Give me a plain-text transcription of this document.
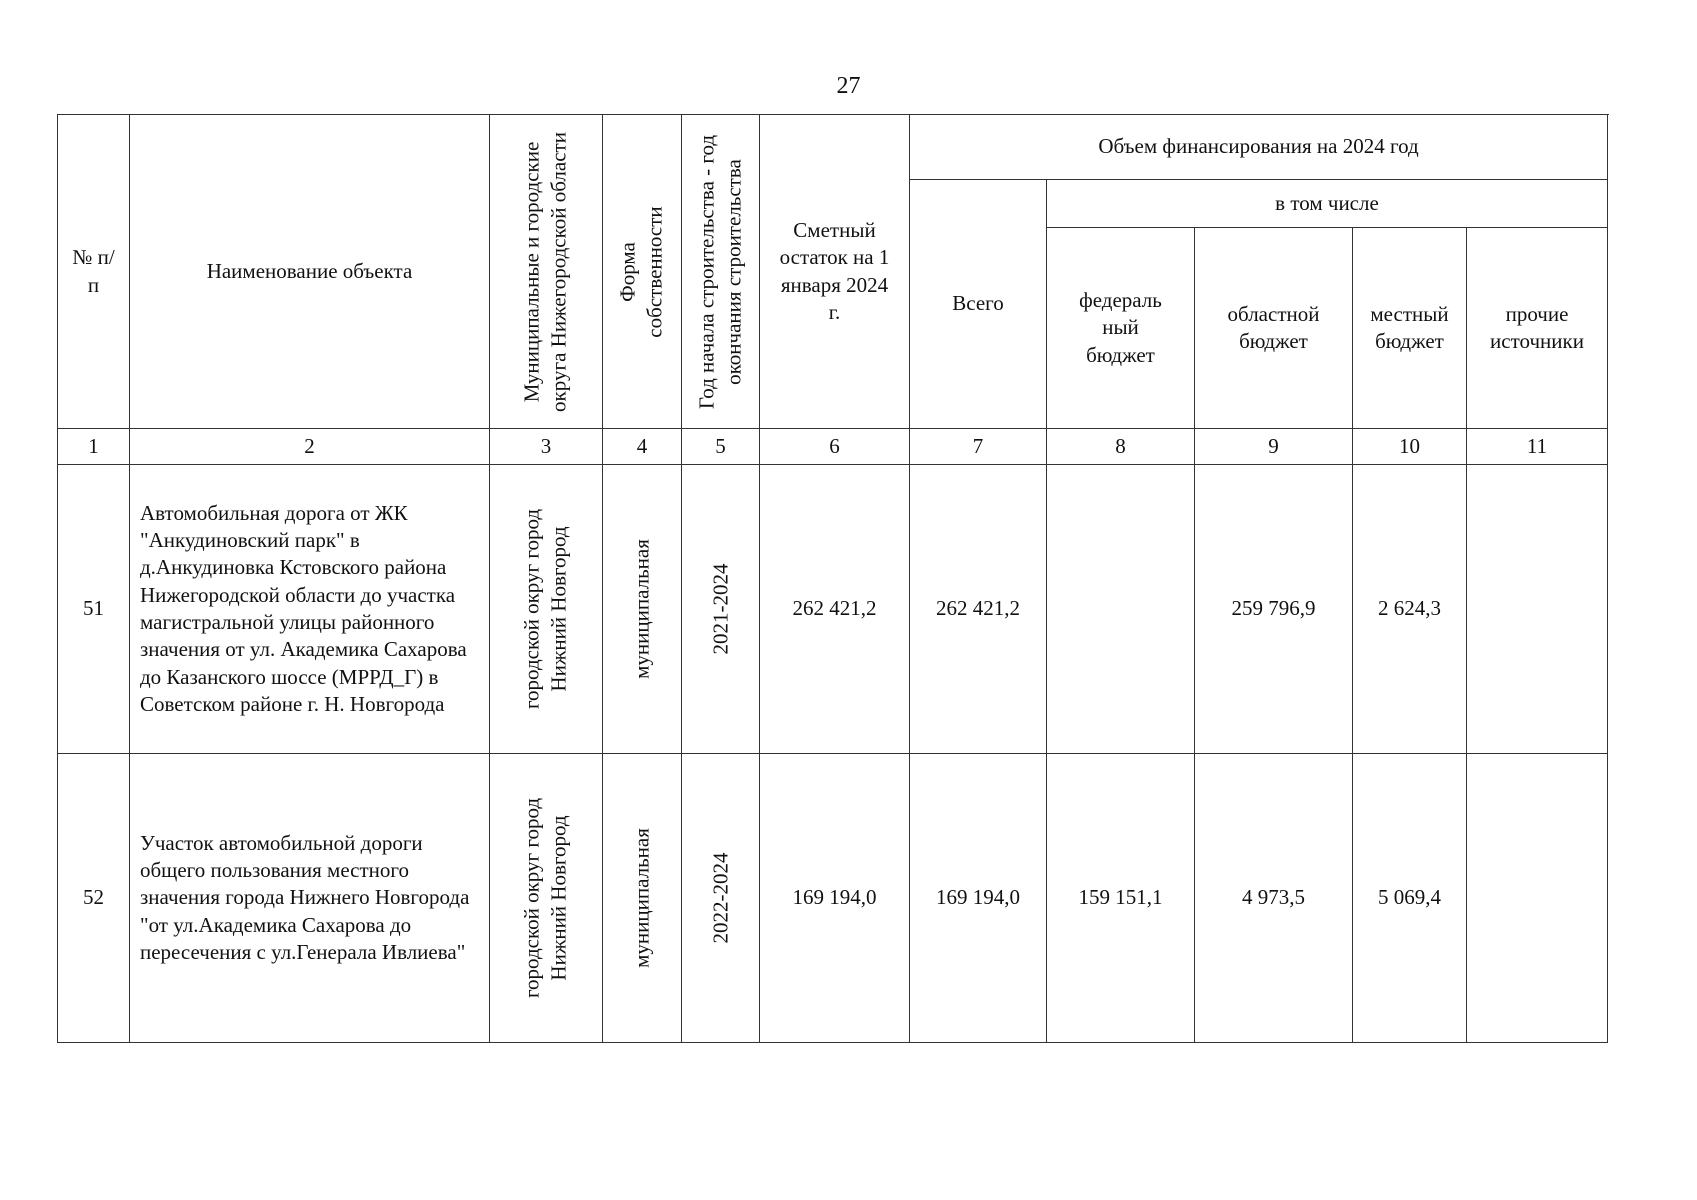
27
№ п/п	Наименование объекта	Муниципальные и городские округа Нижегородской области	Форма собственности	Год начала строительства - год окончания строительства	Сметный остаток на 1 января 2024 г.	Объем финансирования на 2024 год				
						Всего	в том числе			
							федераль ный бюджет	областной бюджет	местный бюджет	прочие источники
1	2	3	4	5	6	7	8	9	10	11
51	Автомобильная дорога от ЖК "Анкудиновский парк" в д.Анкудиновка Кстовского района Нижегородской области до участка магистральной улицы районного значения от ул. Академика Сахарова до Казанского шоссе (МРРД_Г) в Советском районе г. Н. Новгорода	городской округ город Нижний Новгород	муниципальная	2021-2024	262 421,2	262 421,2		259 796,9	2 624,3	
52	Участок автомобильной дороги общего пользования местного значения города Нижнего Новгорода "от ул.Академика Сахарова до пересечения с ул.Генерала Ивлиева"	городской округ город Нижний Новгород	муниципальная	2022-2024	169 194,0	169 194,0	159 151,1	4 973,5	5 069,4	
